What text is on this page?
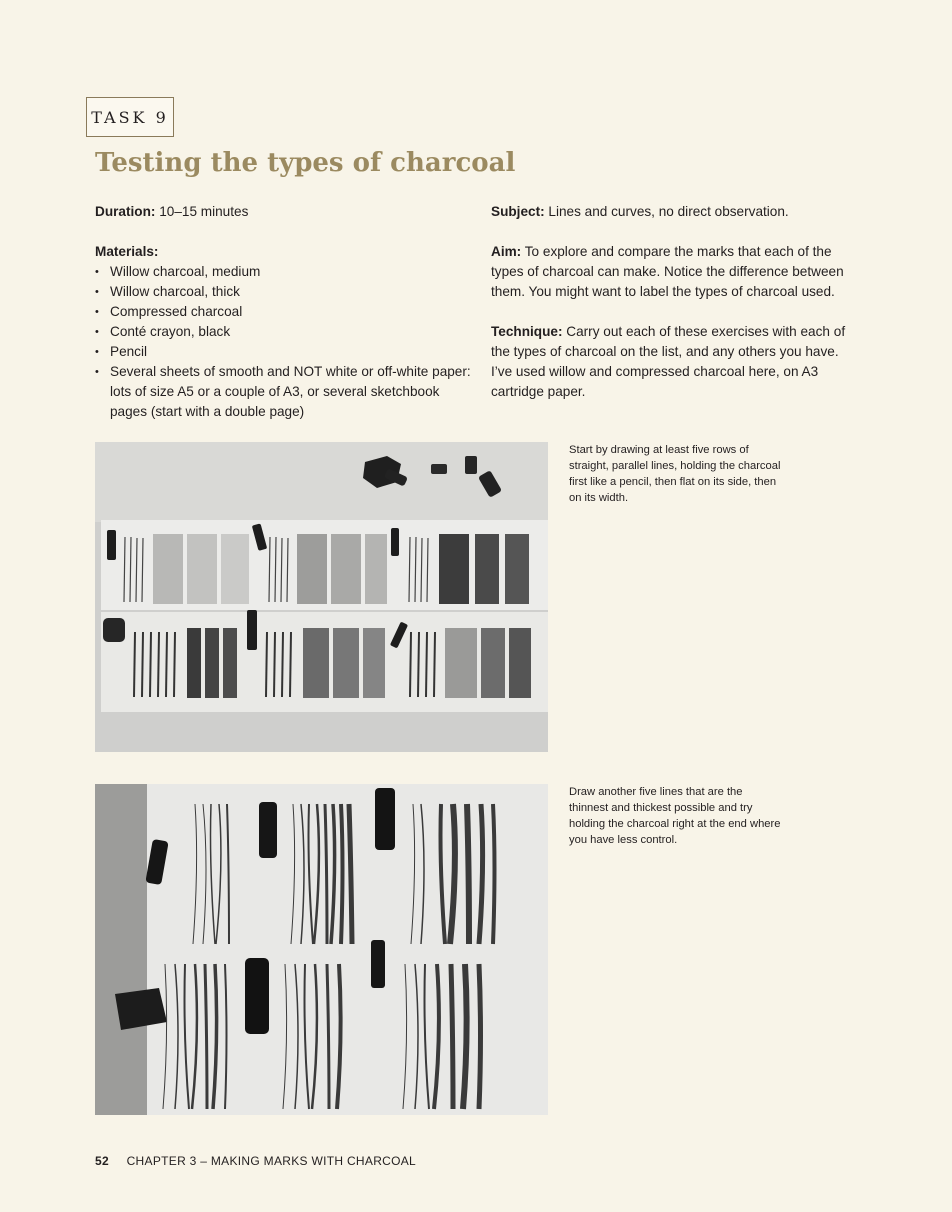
TASK 9
Testing the types of charcoal

Duration: 10–15 minutes

Materials:

• Willow charcoal, medium
• Willow charcoal, thick
• Compressed charcoal
• Conté crayon, black
• Pencil
• Several sheets of smooth and NOT white or off-white paper: lots of size A5 or a couple of A3, or several sketchbook pages (start with a double page)

Subject: Lines and curves, no direct observation.

Aim: To explore and compare the marks that each of the types of charcoal can make. Notice the difference between them. You might want to label the types of charcoal used.

Technique: Carry out each of these exercises with each of the types of charcoal on the list, and any others you have. I’ve used willow and compressed charcoal here, on A3 cartridge paper.

Start by drawing at least five rows of straight, parallel lines, holding the charcoal first like a pencil, then flat on its side, then on its width.
Draw another five lines that are the thinnest and thickest possible and try holding the charcoal right at the end where you have less control.
52 CHAPTER 3 – MAKING MARKS WITH CHARCOAL
